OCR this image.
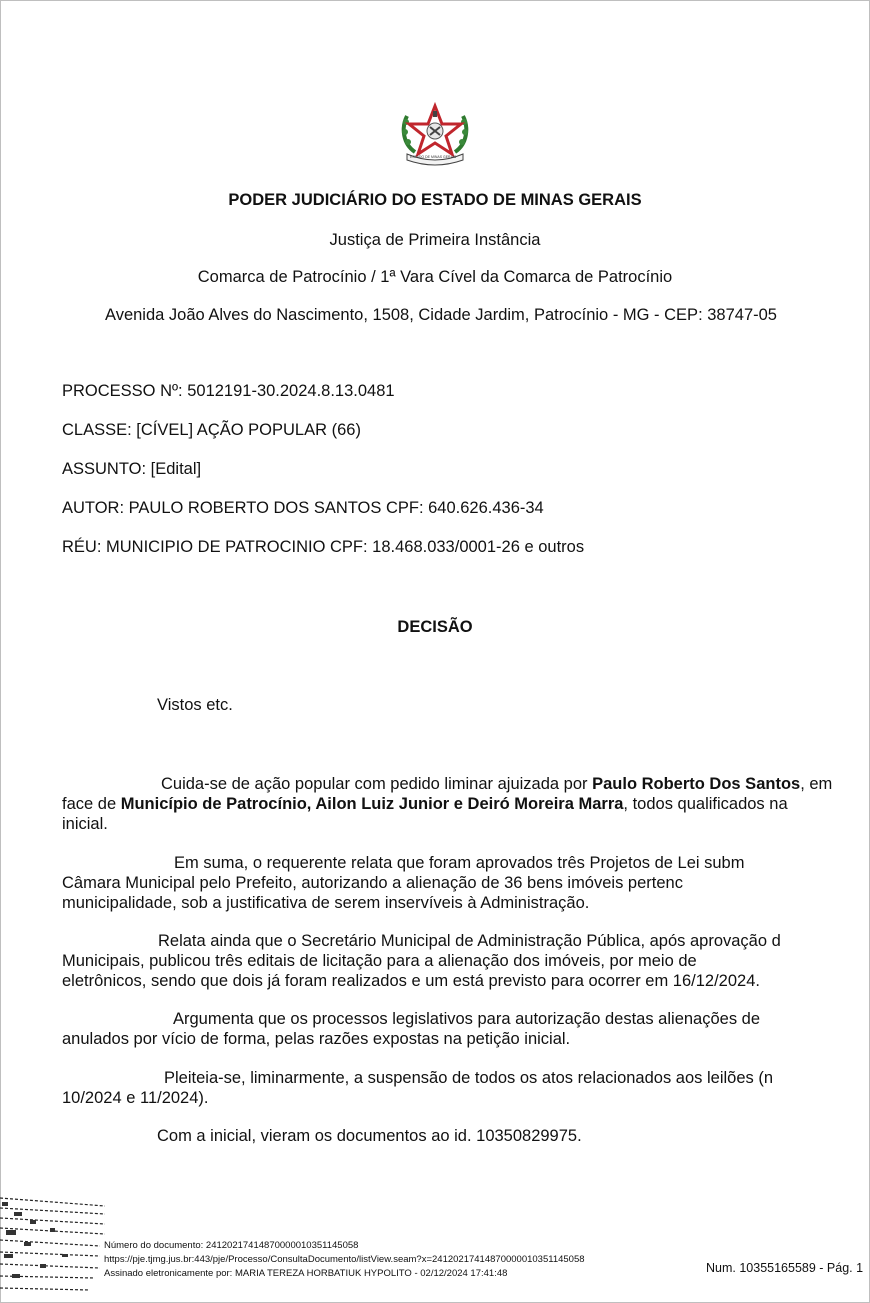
ESTADO DE MINAS GERAIS
PODER JUDICIÁRIO DO ESTADO DE MINAS GERAIS
Justiça de Primeira Instância
Comarca de Patrocínio / 1ª Vara Cível da Comarca de Patrocínio
Avenida João Alves do Nascimento, 1508, Cidade Jardim, Patrocínio - MG - CEP: 38747-05
PROCESSO Nº: 5012191-30.2024.8.13.0481
CLASSE: [CÍVEL] AÇÃO POPULAR (66)
ASSUNTO: [Edital]
AUTOR: PAULO ROBERTO DOS SANTOS CPF: 640.626.436-34
RÉU: MUNICIPIO DE PATROCINIO CPF: 18.468.033/0001-26 e outros
DECISÃO
Vistos etc.
Cuida-se de ação popular com pedido liminar ajuizada por Paulo Roberto Dos Santos, em
face de Município de Patrocínio, Ailon Luiz Junior e Deiró Moreira Marra, todos qualificados na
inicial.
Em suma, o requerente relata que foram aprovados três Projetos de Lei subm
Câmara Municipal pelo Prefeito, autorizando a alienação de 36 bens imóveis pertenc
municipalidade, sob a justificativa de serem inservíveis à Administração.
Relata ainda que o Secretário Municipal de Administração Pública, após aprovação d
Municipais, publicou três editais de licitação para a alienação dos imóveis, por meio de
eletrônicos, sendo que dois já foram realizados e um está previsto para ocorrer em 16/12/2024.
Argumenta que os processos legislativos para autorização destas alienações de
anulados por vício de forma, pelas razões expostas na petição inicial.
Pleiteia-se, liminarmente, a suspensão de todos os atos relacionados aos leilões (n
10/2024 e 11/2024).
Com a inicial, vieram os documentos ao id. 10350829975.
Número do documento: 24120217414870000010351145058
https://pje.tjmg.jus.br:443/pje/Processo/ConsultaDocumento/listView.seam?x=24120217414870000010351145058
Assinado eletronicamente por: MARIA TEREZA HORBATIUK HYPOLITO - 02/12/2024 17:41:48	Num. 10355165589 - Pág. 1
